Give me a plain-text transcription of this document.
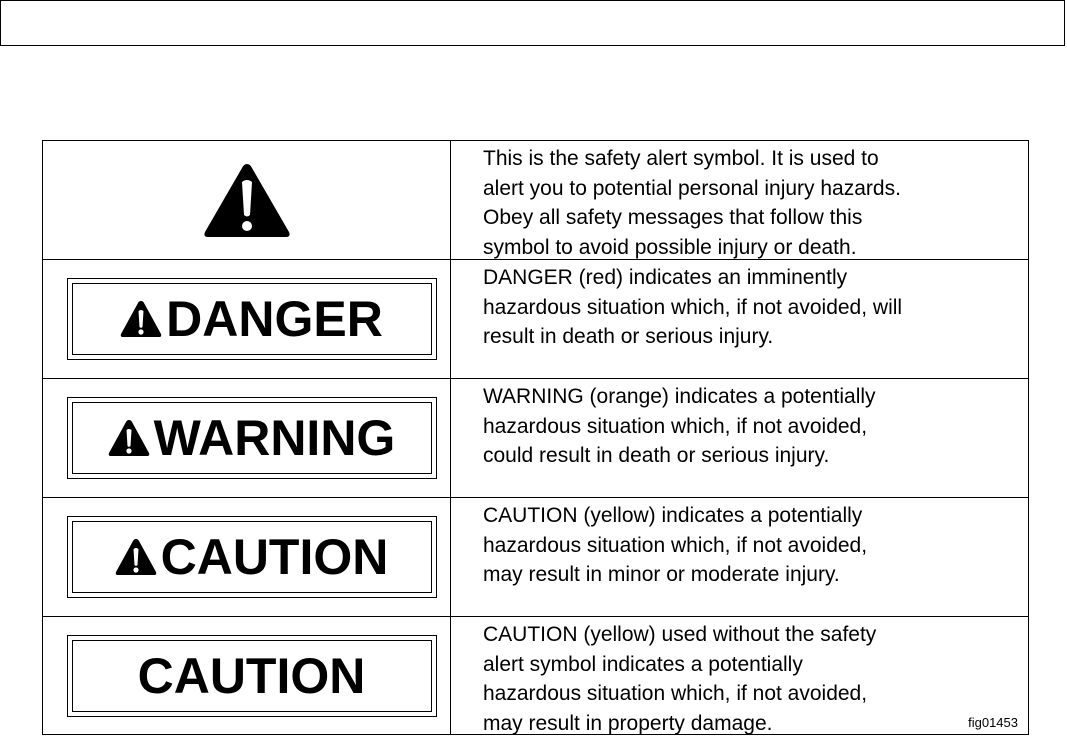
This is the safety alert symbol. It is used to
alert you to potential personal injury hazards.
Obey all safety messages that follow this
symbol to avoid possible injury or death.

DANGER

DANGER (red) indicates an imminently
hazardous situation which, if not avoided, will
result in death or serious injury.

WARNING

WARNING (orange) indicates a potentially
hazardous situation which, if not avoided,
could result in death or serious injury.

CAUTION

CAUTION (yellow) indicates a potentially
hazardous situation which, if not avoided,
may result in minor or moderate injury.

CAUTION

CAUTION (yellow) used without the safety
alert symbol indicates a potentially
hazardous situation which, if not avoided,
may result in property damage.	fig01453
